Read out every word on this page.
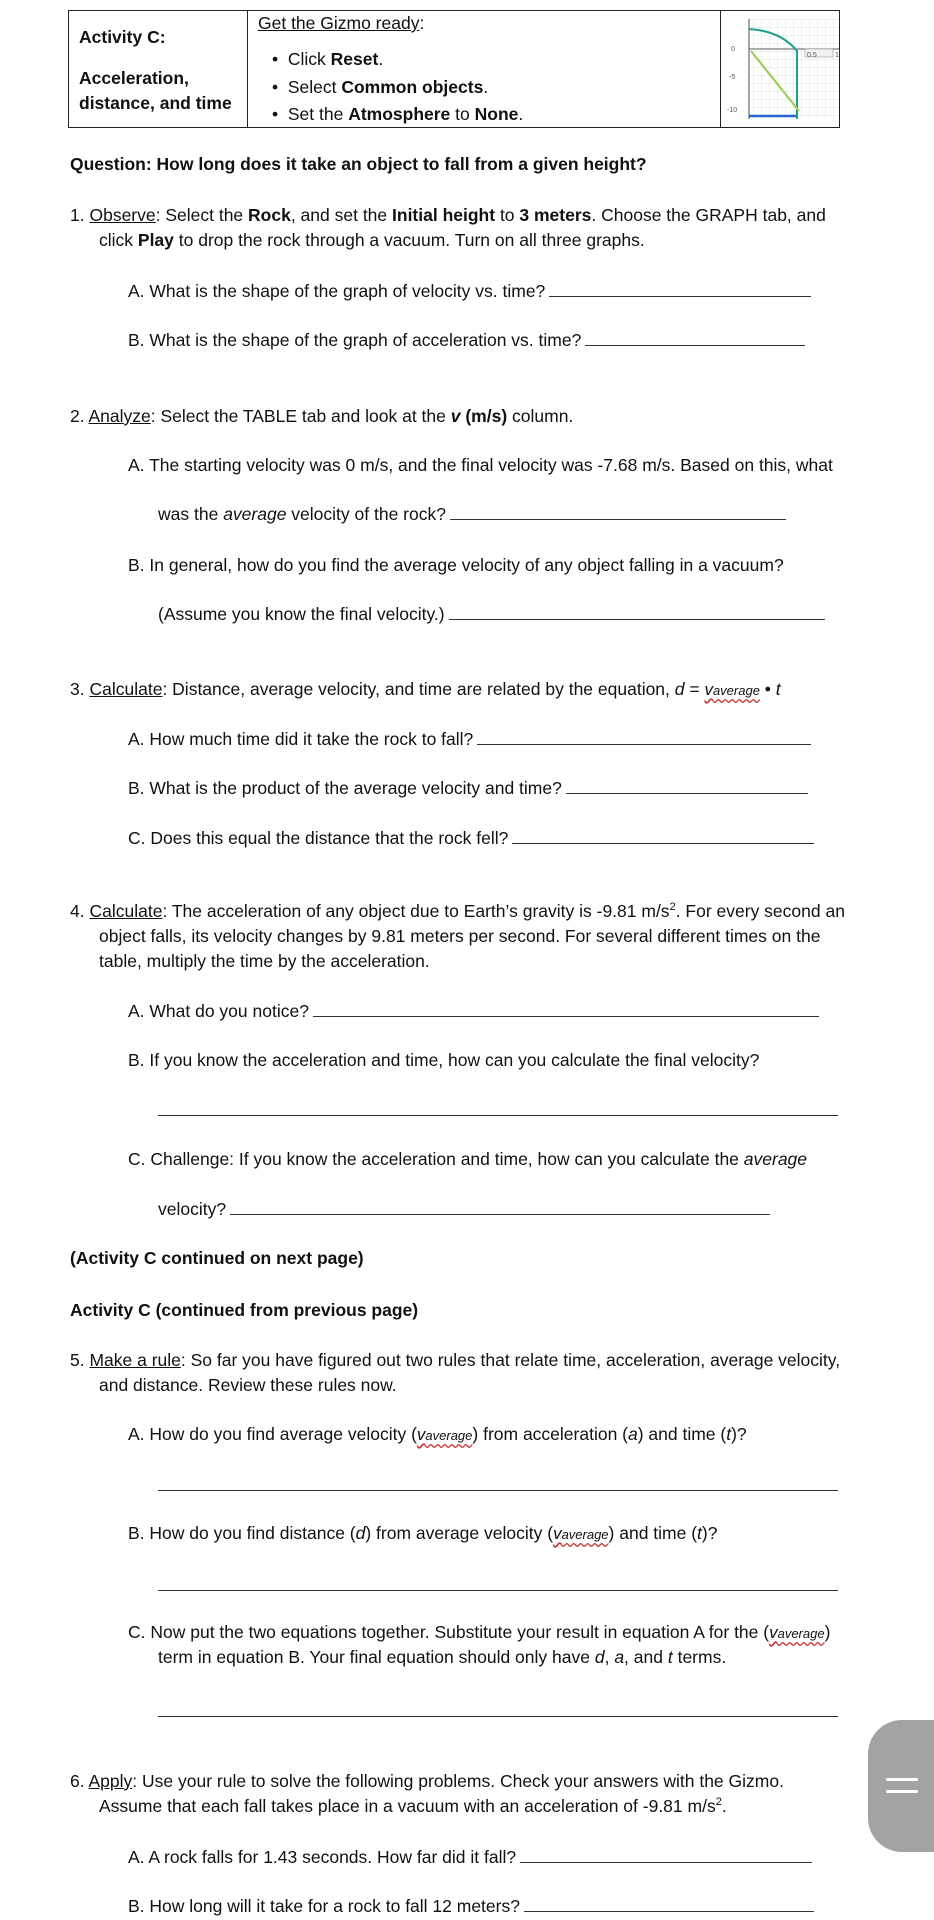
Activity C:
Acceleration,
distance, and time
Get the Gizmo ready:
•  Click Reset.
•  Select Common objects.
•  Set the Atmosphere to None.
0
-5
-10
0.5	1
Question: How long does it take an object to fall from a given height?
1. Observe: Select the Rock, and set the Initial height to 3 meters. Choose the GRAPH tab, and
click Play to drop the rock through a vacuum. Turn on all three graphs.
A. What is the shape of the graph of velocity vs. time?
B. What is the shape of the graph of acceleration vs. time?
2. Analyze: Select the TABLE tab and look at the v (m/s) column.
A. The starting velocity was 0 m/s, and the final velocity was -7.68 m/s. Based on this, what
was the average velocity of the rock?
B. In general, how do you find the average velocity of any object falling in a vacuum?
(Assume you know the final velocity.)
3. Calculate: Distance, average velocity, and time are related by the equation, d = vaverage • t
A. How much time did it take the rock to fall?
B. What is the product of the average velocity and time?
C. Does this equal the distance that the rock fell?
4. Calculate: The acceleration of any object due to Earth’s gravity is -9.81 $m/s^2$. For every second an
object falls, its velocity changes by 9.81 meters per second. For several different times on the
table, multiply the time by the acceleration.
A. What do you notice?
B. If you know the acceleration and time, how can you calculate the final velocity?
C. Challenge: If you know the acceleration and time, how can you calculate the average
velocity?
(Activity C continued on next page)
Activity C (continued from previous page)
5. Make a rule: So far you have figured out two rules that relate time, acceleration, average velocity,
and distance. Review these rules now.
A. How do you find average velocity (vaverage) from acceleration (a) and time (t)?
B. How do you find distance (d) from average velocity (vaverage) and time (t)?
C. Now put the two equations together. Substitute your result in equation A for the (vaverage)
term in equation B. Your final equation should only have d, a, and t terms.
6. Apply: Use your rule to solve the following problems. Check your answers with the Gizmo.
Assume that each fall takes place in a vacuum with an acceleration of -9.81 $m/s^2$.
A. A rock falls for 1.43 seconds. How far did it fall?
B. How long will it take for a rock to fall 12 meters?
